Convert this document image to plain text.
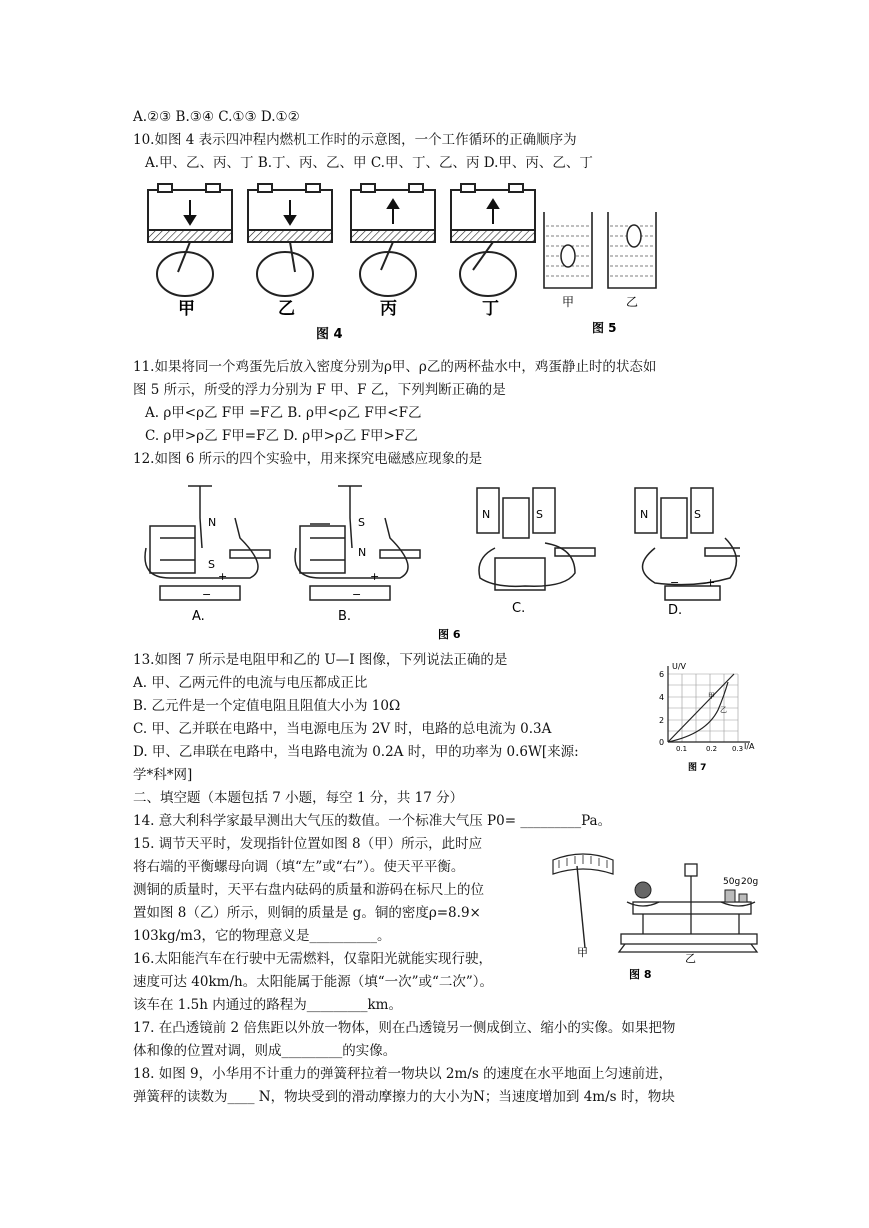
A.②③ B.③④ C.①③ D.①②
10.如图 4 表示四冲程内燃机工作时的示意图，一个工作循环的正确顺序为
A.甲、乙、丙、丁 B.丁、丙、乙、甲 C.甲、丁、乙、丙 D.甲、丙、乙、丁
甲	乙	丙	丁
图 4
甲	乙
图 5
11.如果将同一个鸡蛋先后放入密度分别为ρ甲、ρ乙的两杯盐水中，鸡蛋静止时的状态如
图 5 所示，所受的浮力分别为 F 甲、F 乙，下列判断正确的是
A. ρ甲<ρ乙 F甲 =F乙 B. ρ甲<ρ乙 F甲<F乙
C. ρ甲>ρ乙 F甲=F乙 D. ρ甲>ρ乙 F甲>F乙
12.如图 6 所示的四个实验中，用来探究电磁感应现象的是
N
S
−
+
S
N
−
+
N	S	N	S
− +
A.	B.
C.	D.
图 6
13.如图 7 所示是电阻甲和乙的 U—I 图像，下列说法正确的是
A. 甲、乙两元件的电流与电压都成正比
B. 乙元件是一个定值电阻且阻值大小为 10Ω
C. 甲、乙并联在电路中，当电源电压为 2V 时，电路的总电流为 0.3A
D. 甲、乙串联在电路中，当电路电流为 0.2A 时，甲的功率为 0.6W[来源:
学*科*网]
U/V
I/A
6
4
2
0
0.1	0.2 0.3
甲
乙
图 7
二、填空题（本题包括 7 小题，每空 1 分，共 17 分）
14. 意大利科学家最早测出大气压的数值。一个标准大气压 P0= _________Pa。
15. 调节天平时，发现指针位置如图 8（甲）所示，此时应
将右端的平衡螺母向调（填“左”或“右”）。使天平平衡。
测铜的质量时，天平右盘内砝码的质量和游码在标尺上的位
置如图 8（乙）所示，则铜的质量是 g。铜的密度ρ=8.9×
103kg/m3，它的物理意义是__________。
16.太阳能汽车在行驶中无需燃料，仅靠阳光就能实现行驶，
速度可达 40km/h。太阳能属于能源（填“一次”或“二次”）。
该车在 1.5h 内通过的路程为_________km。
甲
50g 20g
乙
图 8
17. 在凸透镜前 2 倍焦距以外放一物体，则在凸透镜另一侧成倒立、缩小的实像。如果把物
体和像的位置对调，则成_________的实像。
18. 如图 9，小华用不计重力的弹簧秤拉着一物块以 2m/s 的速度在水平地面上匀速前进，
弹簧秤的读数为____ N，物块受到的滑动摩擦力的大小为N；当速度增加到 4m/s 时，物块
